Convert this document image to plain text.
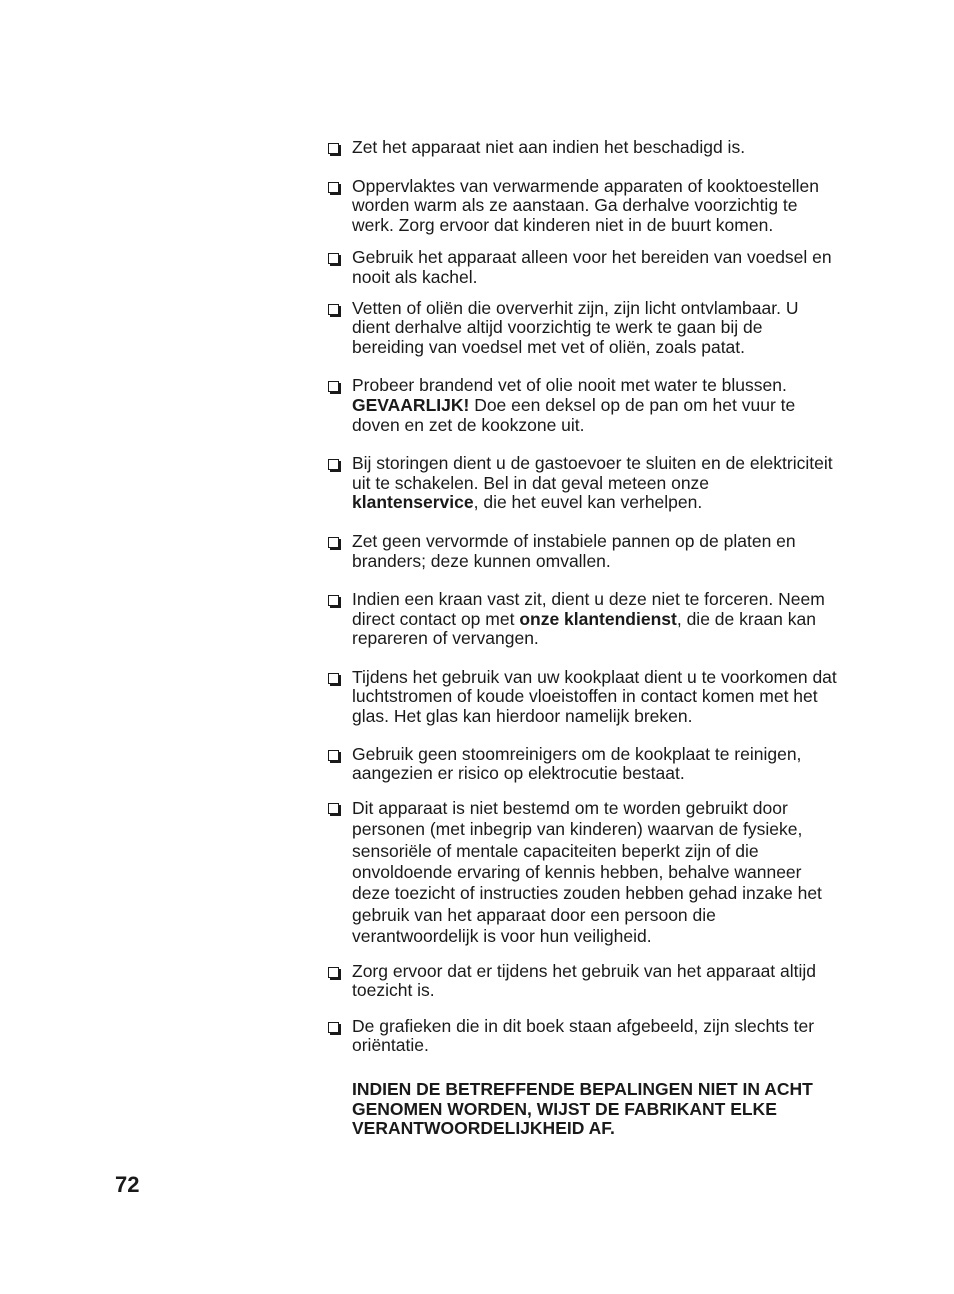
Zet het apparaat niet aan indien het beschadigd is.
Oppervlaktes van verwarmende apparaten of kooktoestellen worden warm als ze aanstaan. Ga derhalve voorzichtig te werk. Zorg ervoor dat kinderen niet in de buurt komen.
Gebruik het apparaat alleen voor het bereiden van voedsel en nooit als kachel.
Vetten of oliën die oververhit zijn, zijn licht ontvlambaar. U dient derhalve altijd voorzichtig te werk te gaan bij de bereiding van voedsel met vet of oliën, zoals patat.
Probeer brandend vet of olie nooit met water te blussen. GEVAARLIJK! Doe een deksel op de pan om het vuur te doven en zet de kookzone uit.
Bij storingen dient u de gastoevoer te sluiten en de elektriciteit uit te schakelen. Bel in dat geval meteen onze klantenservice, die het euvel kan verhelpen.
Zet geen vervormde of instabiele pannen op de platen en branders; deze kunnen omvallen.
Indien een kraan vast zit, dient u deze niet te forceren. Neem direct contact op met onze klantendienst, die de kraan kan repareren of vervangen.
Tijdens het gebruik van uw kookplaat dient u te voorkomen dat luchtstromen of koude vloeistoffen in contact komen met het glas. Het glas kan hierdoor namelijk breken.
Gebruik geen stoomreinigers om de kookplaat te reinigen, aangezien er risico op elektrocutie bestaat.
Dit apparaat is niet bestemd om te worden gebruikt door personen (met inbegrip van kinderen) waarvan de fysieke, sensoriële of mentale capaciteiten beperkt zijn of die onvoldoende ervaring of kennis hebben, behalve wanneer deze toezicht of instructies zouden hebben gehad inzake het gebruik van het apparaat door een persoon die verantwoordelijk is voor hun veiligheid.
Zorg ervoor dat er tijdens het gebruik van het apparaat altijd toezicht is.
De grafieken die in dit boek staan afgebeeld, zijn slechts ter oriëntatie.
INDIEN DE BETREFFENDE BEPALINGEN NIET IN ACHT GENOMEN WORDEN, WIJST DE FABRIKANT ELKE VERANTWOORDELIJKHEID AF.
72
